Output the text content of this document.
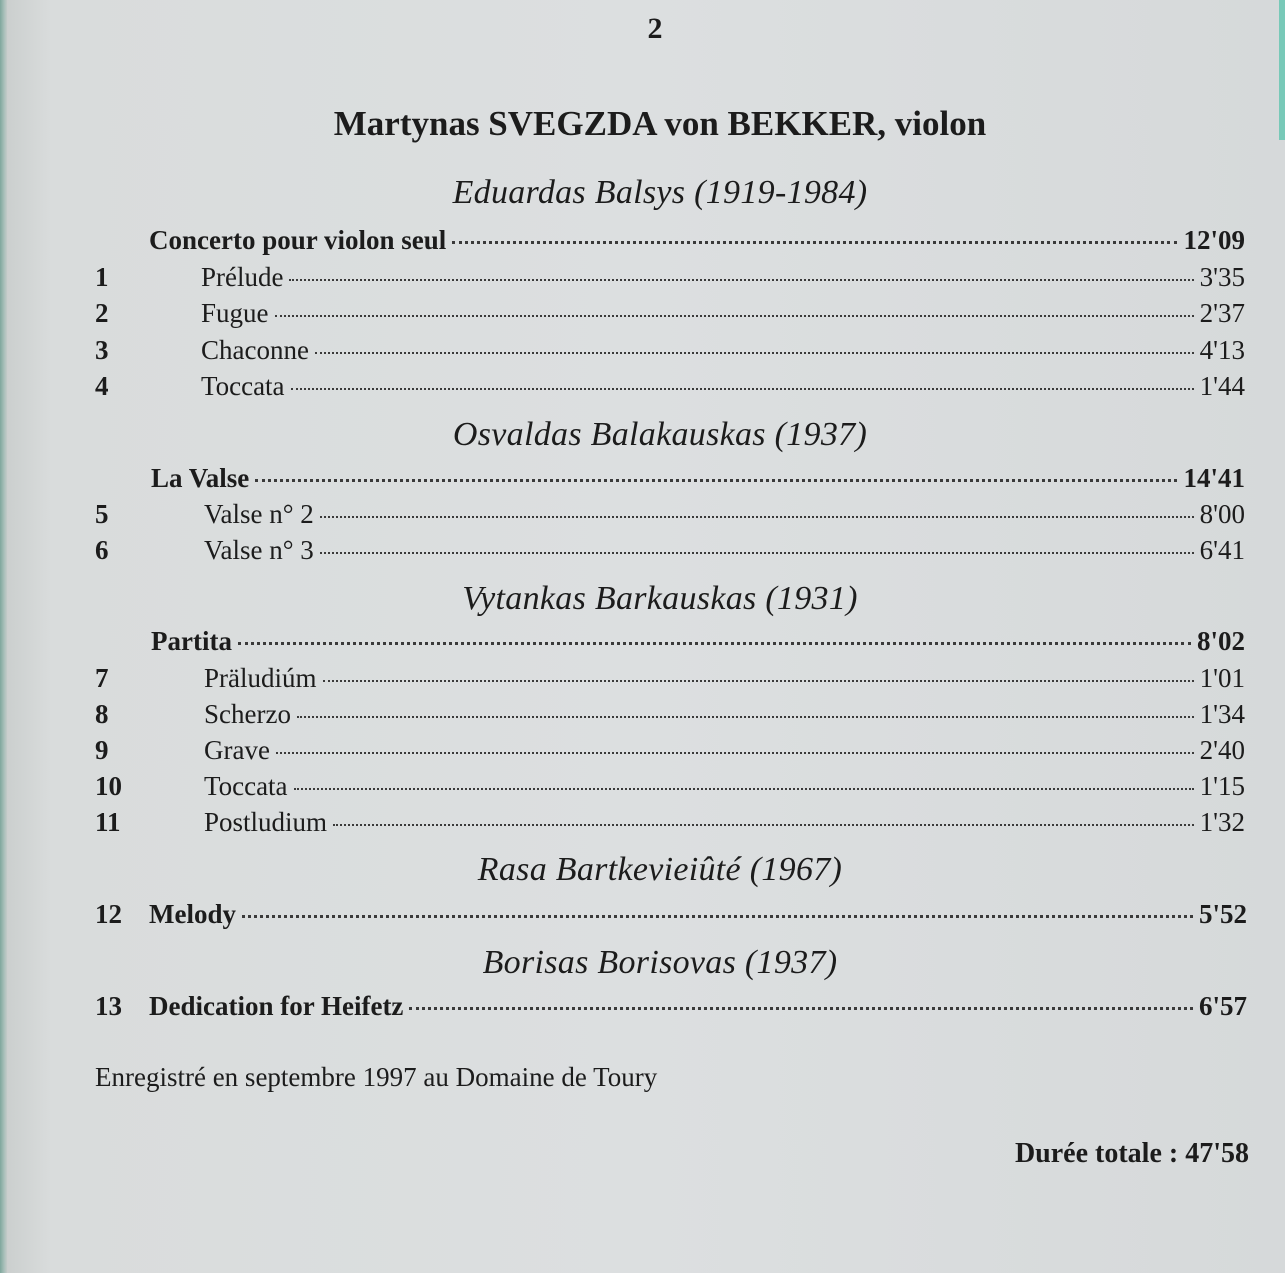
2
Martynas SVEGZDA von BEKKER, violon
Eduardas Balsys (1919-1984)
Concerto pour violon seul	12'09
1	Prélude	3'35
2	Fugue	2'37
3	Chaconne	4'13
4	Toccata	1'44
Osvaldas Balakauskas (1937)
La Valse	14'41
5	Valse n° 2	8'00
6	Valse n° 3	6'41
Vytankas Barkauskas (1931)
Partita	8'02
7	Präludiúm	1'01
8	Scherzo	1'34
9	Grave	2'40
10	Toccata	1'15
11	Postludium	1'32
Rasa Bartkevieiûté (1967)
12	Melody	5'52
Borisas Borisovas (1937)
13	Dedication for Heifetz	6'57
Enregistré en septembre 1997 au Domaine de Toury
Durée totale : 47'58
